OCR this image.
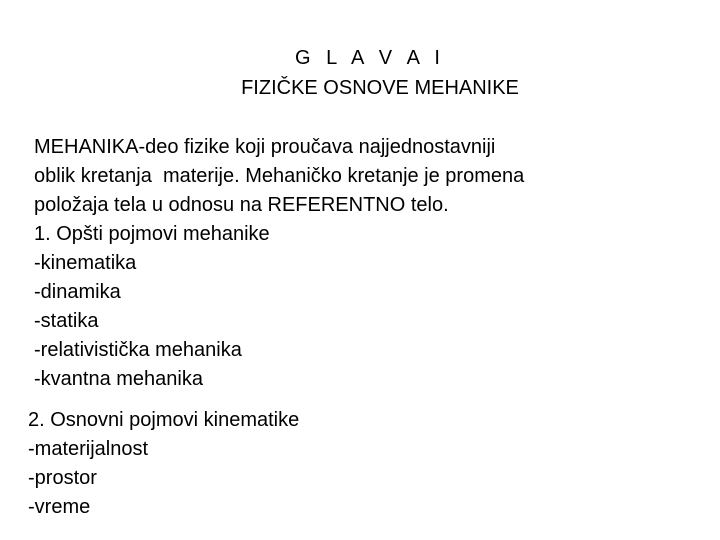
G L A V A I
FIZIČKE OSNOVE MEHANIKE
MEHANIKA-deo fizike koji proučava najjednostavniji
oblik kretanja  materije. Mehaničko kretanje je promena
položaja tela u odnosu na REFERENTNO telo.
1. Opšti pojmovi mehanike
-kinematika
-dinamika
-statika
-relativistička mehanika
-kvantna mehanika
2. Osnovni pojmovi kinematike
-materijalnost
-prostor
-vreme
